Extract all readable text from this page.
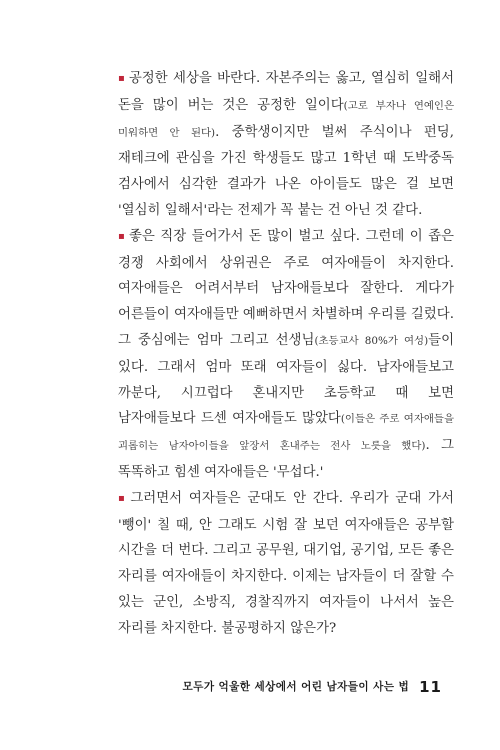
▪ 공정한 세상을 바란다. 자본주의는 옳고, 열심히 일해서 돈을 많이 버는 것은 공정한 일이다(고로 부자나 연예인은 미워하면 안 된다). 중학생이지만 벌써 주식이나 펀딩, 재테크에 관심을 가진 학생들도 많고 1학년 때 도박중독 검사에서 심각한 결과가 나온 아이들도 많은 걸 보면 '열심히 일해서'라는 전제가 꼭 붙는 건 아닌 것 같다.

▪ 좋은 직장 들어가서 돈 많이 벌고 싶다. 그런데 이 좁은 경쟁 사회에서 상위권은 주로 여자애들이 차지한다. 여자애들은 어려서부터 남자애들보다 잘한다. 게다가 어른들이 여자애들만 예뻐하면서 차별하며 우리를 길렀다. 그 중심에는 엄마 그리고 선생님(초등교사 80%가 여성)들이 있다. 그래서 엄마 또래 여자들이 싫다. 남자애들보고 까분다, 시끄럽다 혼내지만 초등학교 때 보면 남자애들보다 드센 여자애들도 많았다(이들은 주로 여자애들을 괴롭히는 남자아이들을 앞장서 혼내주는 전사 노릇을 했다). 그 똑똑하고 힘센 여자애들은 '무섭다.'

▪ 그러면서 여자들은 군대도 안 간다. 우리가 군대 가서 '뺑이' 칠 때, 안 그래도 시험 잘 보던 여자애들은 공부할 시간을 더 번다. 그리고 공무원, 대기업, 공기업, 모든 좋은 자리를 여자애들이 차지한다. 이제는 남자들이 더 잘할 수 있는 군인, 소방직, 경찰직까지 여자들이 나서서 높은 자리를 차지한다. 불공평하지 않은가?

모두가 억울한 세상에서 어린 남자들이 사는 법 11
